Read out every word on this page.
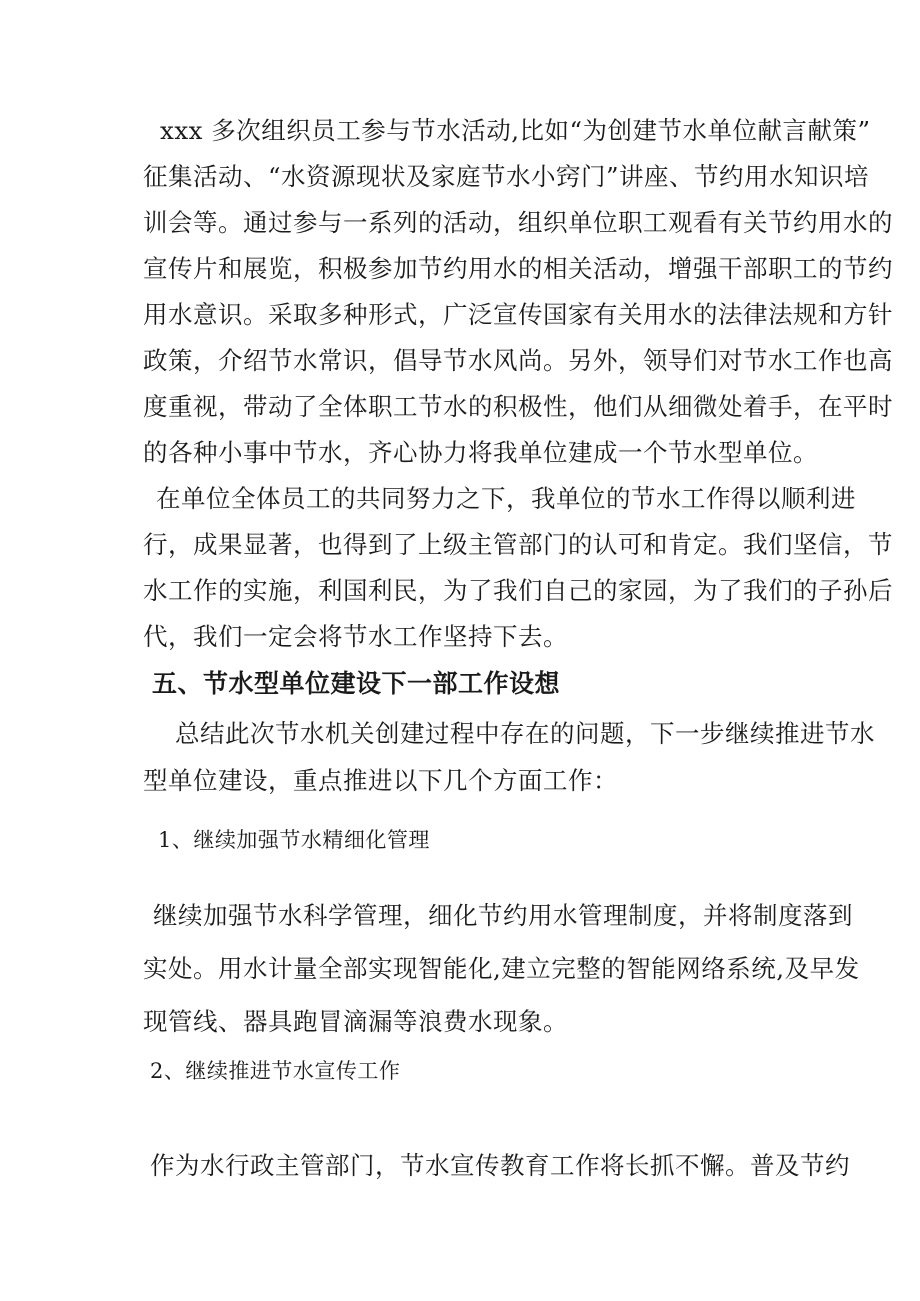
xxx 多次组织员工参与节水活动,比如“为创建节水单位献言献策”
征集活动、“水资源现状及家庭节水小窍门”讲座、节约用水知识培
训会等。通过参与一系列的活动，组织单位职工观看有关节约用水的
宣传片和展览，积极参加节约用水的相关活动，增强干部职工的节约
用水意识。采取多种形式，广泛宣传国家有关用水的法律法规和方针
政策，介绍节水常识，倡导节水风尚。另外，领导们对节水工作也高
度重视，带动了全体职工节水的积极性，他们从细微处着手，在平时
的各种小事中节水，齐心协力将我单位建成一个节水型单位。
在单位全体员工的共同努力之下，我单位的节水工作得以顺利进
行，成果显著，也得到了上级主管部门的认可和肯定。我们坚信，节
水工作的实施，利国利民，为了我们自己的家园，为了我们的子孙后
代，我们一定会将节水工作坚持下去。
五、节水型单位建设下一部工作设想
总结此次节水机关创建过程中存在的问题，下一步继续推进节水
型单位建设，重点推进以下几个方面工作：
1、继续加强节水精细化管理
继续加强节水科学管理，细化节约用水管理制度，并将制度落到
实处。用水计量全部实现智能化,建立完整的智能网络系统,及早发
现管线、器具跑冒滴漏等浪费水现象。
2、继续推进节水宣传工作
作为水行政主管部门，节水宣传教育工作将长抓不懈。普及节约
